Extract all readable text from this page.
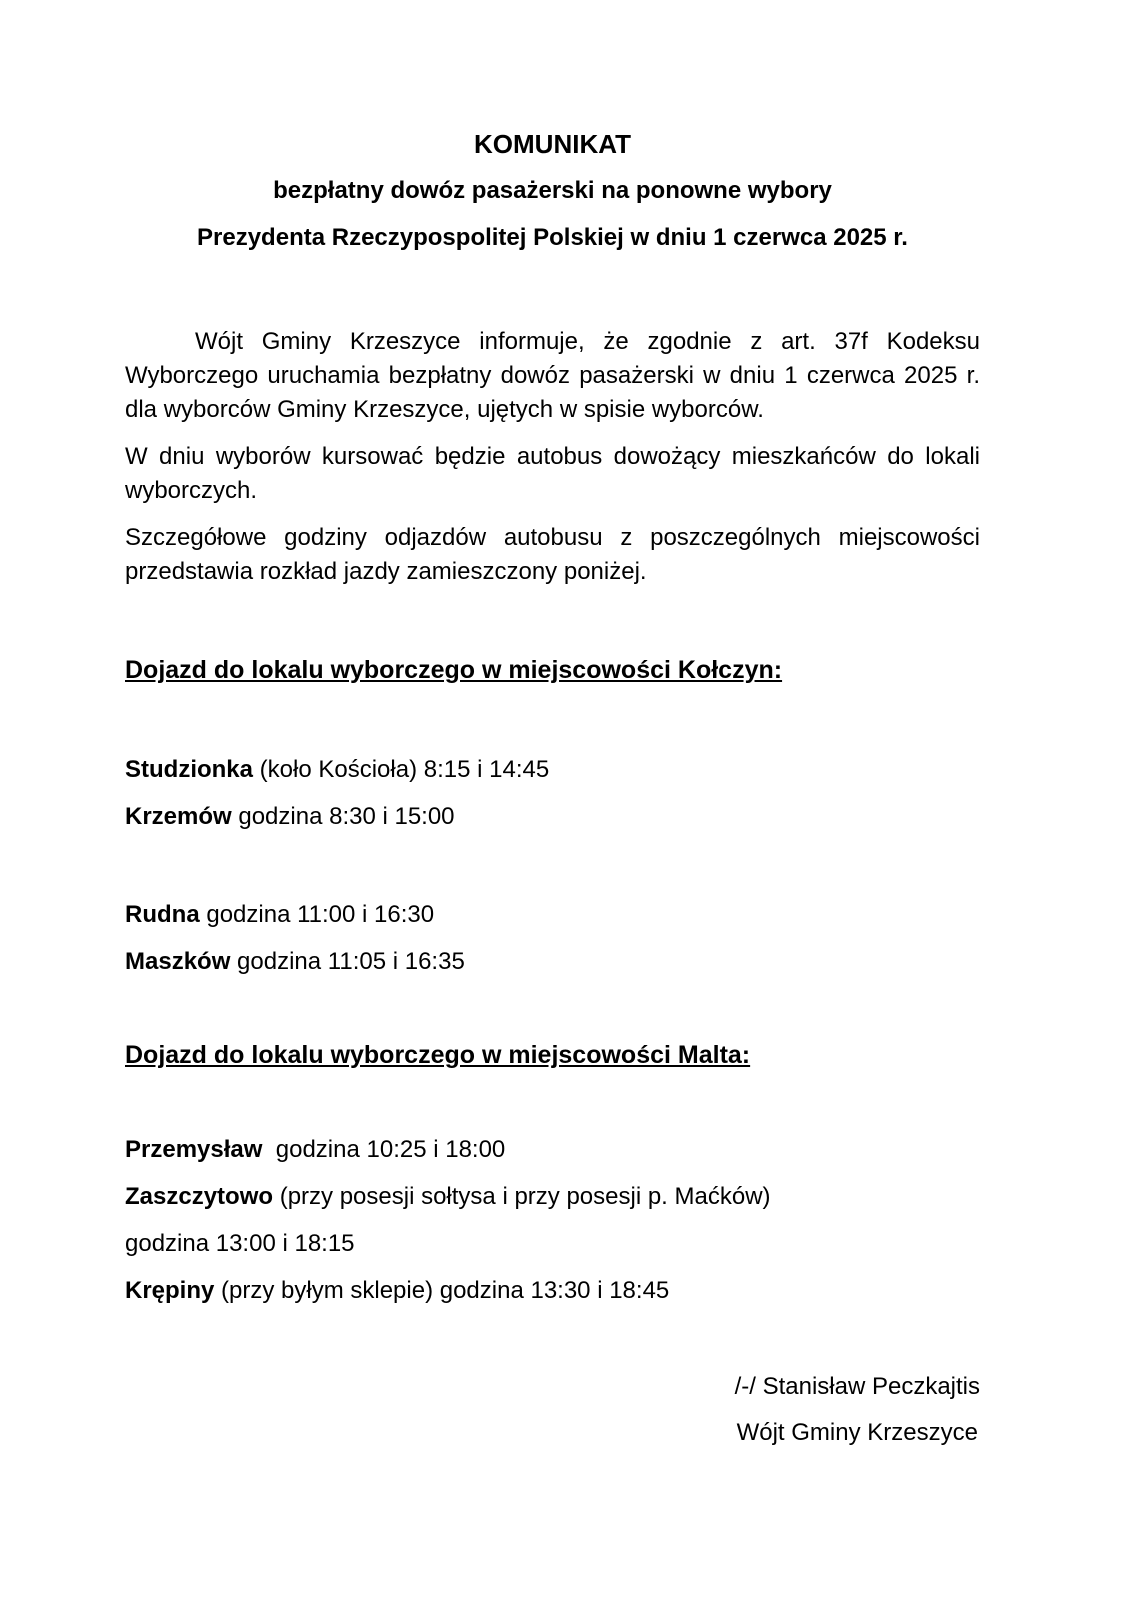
KOMUNIKAT
bezpłatny dowóz pasażerski na ponowne wybory
Prezydenta Rzeczypospolitej Polskiej w dniu 1 czerwca 2025 r.

Wójt Gminy Krzeszyce informuje, że zgodnie z art. 37f Kodeksu Wyborczego uruchamia bezpłatny dowóz pasażerski w dniu 1 czerwca 2025 r. dla wyborców Gminy Krzeszyce, ujętych w spisie wyborców.

W dniu wyborów kursować będzie autobus dowożący mieszkańców do lokali wyborczych.

Szczegółowe godziny odjazdów autobusu z poszczególnych miejscowości przedstawia rozkład jazdy zamieszczony poniżej.

Dojazd do lokalu wyborczego w miejscowości Kołczyn:
Studzionka (koło Kościoła) 8:15 i 14:45
Krzemów godzina 8:30 i 15:00
Rudna godzina 11:00 i 16:30
Maszków godzina 11:05 i 16:35
Dojazd do lokalu wyborczego w miejscowości Malta:
Przemysław  godzina 10:25 i 18:00
Zaszczytowo (przy posesji sołtysa i przy posesji p. Maćków)
godzina 13:00 i 18:15
Krępiny (przy byłym sklepie) godzina 13:30 i 18:45
/-/ Stanisław Peczkajtis
Wójt Gminy Krzeszyce
